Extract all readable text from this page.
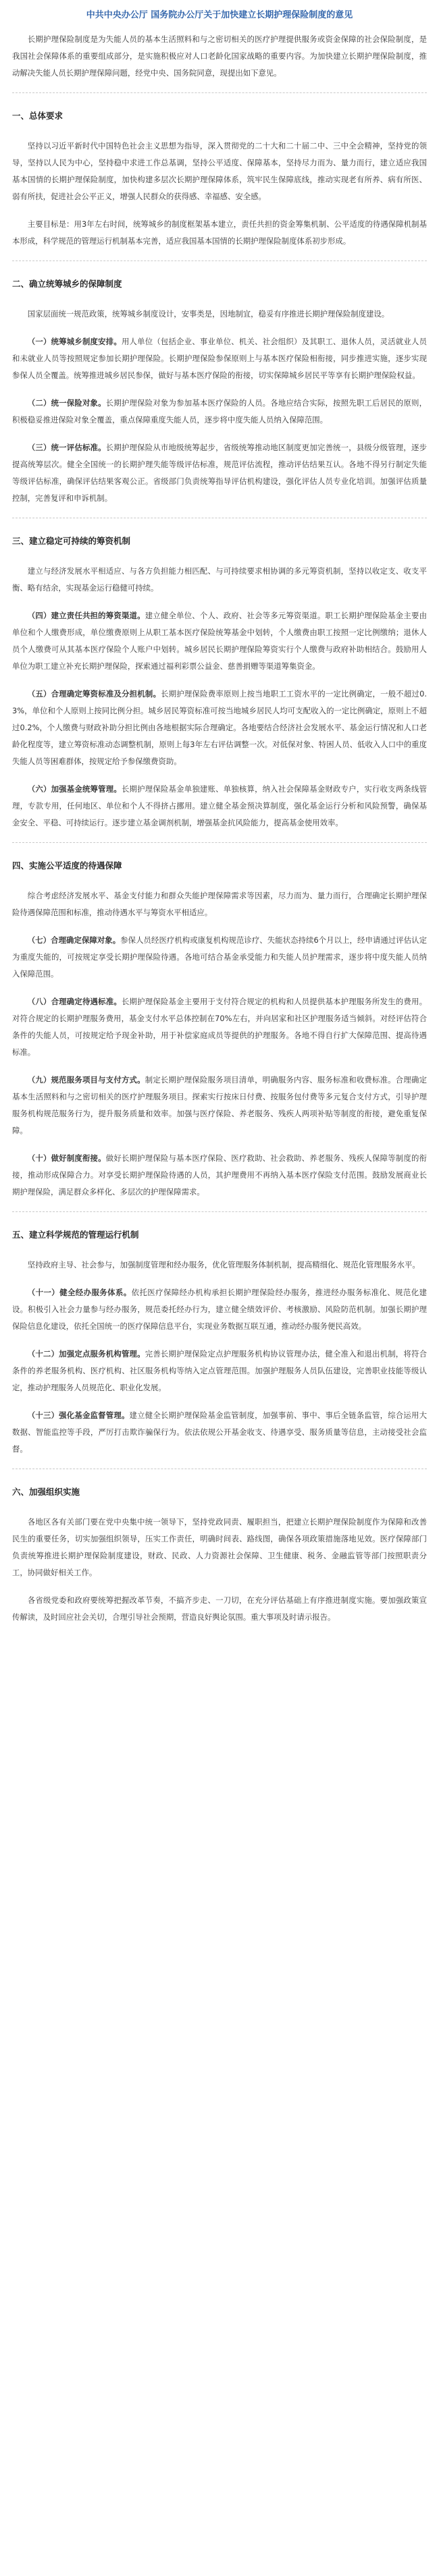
中共中央办公厅 国务院办公厅关于加快建立长期护理保险制度的意见

长期护理保险制度是为失能人员的基本生活照料和与之密切相关的医疗护理提供服务或资金保障的社会保险制度，是我国社会保障体系的重要组成部分，是实施积极应对人口老龄化国家战略的重要内容。为加快建立长期护理保险制度，推动解决失能人员长期护理保障问题，经党中央、国务院同意，现提出如下意见。

一、总体要求

坚持以习近平新时代中国特色社会主义思想为指导，深入贯彻党的二十大和二十届二中、三中全会精神，坚持党的领导，坚持以人民为中心，坚持稳中求进工作总基调，坚持公平适度、保障基本，坚持尽力而为、量力而行，建立适应我国基本国情的长期护理保险制度，加快构建多层次长期护理保障体系，筑牢民生保障底线，推动实现老有所养、病有所医、弱有所扶，促进社会公平正义，增强人民群众的获得感、幸福感、安全感。

主要目标是：用3年左右时间，统筹城乡的制度框架基本建立，责任共担的资金筹集机制、公平适度的待遇保障机制基本形成，科学规范的管理运行机制基本完善，适应我国基本国情的长期护理保险制度体系初步形成。

二、确立统筹城乡的保障制度

国家层面统一规范政策，统筹城乡制度设计，安事类是，因地制宜，稳妥有序推进长期护理保险制度建设。

（一）统筹城乡制度安排。用人单位（包括企业、事业单位、机关、社会组织）及其职工、退休人员，灵活就业人员和未就业人员等按照规定参加长期护理保险。长期护理保险参保原则上与基本医疗保险相衔接，同步推进实施，逐步实现参保人员全覆盖。统筹推进城乡居民参保，做好与基本医疗保险的衔接，切实保障城乡居民平等享有长期护理保险权益。

（二）统一保险对象。长期护理保险对象为参加基本医疗保险的人员。各地应结合实际，按照先职工后居民的原则，积极稳妥推进保险对象全覆盖，重点保障重度失能人员，逐步将中度失能人员纳入保障范围。

（三）统一评估标准。长期护理保险从市地级统筹起步，省级统筹推动地区制度更加完善统一，县级分级管理，逐步提高统筹层次。健全全国统一的长期护理失能等级评估标准，规范评估流程，推动评估结果互认。各地不得另行制定失能等级评估标准，确保评估结果客观公正。省级部门负责统筹指导评估机构建设，强化评估人员专业化培训。加强评估质量控制，完善复评和申诉机制。

三、建立稳定可持续的筹资机制

建立与经济发展水平相适应、与各方负担能力相匹配、与可持续要求相协调的多元筹资机制，坚持以收定支、收支平衡、略有结余，实现基金运行稳健可持续。

（四）建立责任共担的筹资渠道。建立健全单位、个人、政府、社会等多元筹资渠道。职工长期护理保险基金主要由单位和个人缴费形成，单位缴费原则上从职工基本医疗保险统筹基金中划转，个人缴费由职工按照一定比例缴纳；退休人员个人缴费可从其基本医疗保险个人账户中划转。城乡居民长期护理保险筹资实行个人缴费与政府补助相结合。鼓励用人单位为职工建立补充长期护理保险，探索通过福利彩票公益金、慈善捐赠等渠道筹集资金。

（五）合理确定筹资标准及分担机制。长期护理保险费率原则上按当地职工工资水平的一定比例确定，一般不超过0.3%，单位和个人原则上按同比例分担。城乡居民筹资标准可按当地城乡居民人均可支配收入的一定比例确定，原则上不超过0.2%，个人缴费与财政补助分担比例由各地根据实际合理确定。各地要结合经济社会发展水平、基金运行情况和人口老龄化程度等，建立筹资标准动态调整机制，原则上每3年左右评估调整一次。对低保对象、特困人员、低收入人口中的重度失能人员等困难群体，按规定给予参保缴费资助。

（六）加强基金统筹管理。长期护理保险基金单独建账、单独核算，纳入社会保障基金财政专户，实行收支两条线管理，专款专用，任何地区、单位和个人不得挤占挪用。建立健全基金预决算制度，强化基金运行分析和风险预警，确保基金安全、平稳、可持续运行。逐步建立基金调剂机制，增强基金抗风险能力，提高基金使用效率。

四、实施公平适度的待遇保障

综合考虑经济发展水平、基金支付能力和群众失能护理保障需求等因素，尽力而为、量力而行，合理确定长期护理保险待遇保障范围和标准，推动待遇水平与筹资水平相适应。

（七）合理确定保障对象。参保人员经医疗机构或康复机构规范诊疗、失能状态持续6个月以上，经申请通过评估认定为重度失能的，可按规定享受长期护理保险待遇。各地可结合基金承受能力和失能人员护理需求，逐步将中度失能人员纳入保障范围。

（八）合理确定待遇标准。长期护理保险基金主要用于支付符合规定的机构和人员提供基本护理服务所发生的费用。对符合规定的长期护理服务费用，基金支付水平总体控制在70%左右，并向居家和社区护理服务适当倾斜。对经评估符合条件的失能人员，可按规定给予现金补助，用于补偿家庭成员等提供的护理服务。各地不得自行扩大保障范围、提高待遇标准。

（九）规范服务项目与支付方式。制定长期护理保险服务项目清单，明确服务内容、服务标准和收费标准。合理确定基本生活照料和与之密切相关的医疗护理服务项目。探索实行按床日付费、按服务包付费等多元复合支付方式，引导护理服务机构规范服务行为，提升服务质量和效率。加强与医疗保险、养老服务、残疾人两项补贴等制度的衔接，避免重复保障。

（十）做好制度衔接。做好长期护理保险与基本医疗保险、医疗救助、社会救助、养老服务、残疾人保障等制度的衔接，推动形成保障合力。对享受长期护理保险待遇的人员，其护理费用不再纳入基本医疗保险支付范围。鼓励发展商业长期护理保险，满足群众多样化、多层次的护理保障需求。

五、建立科学规范的管理运行机制

坚持政府主导、社会参与，加强制度管理和经办服务，优化管理服务体制机制，提高精细化、规范化管理服务水平。

（十一）健全经办服务体系。依托医疗保障经办机构承担长期护理保险经办服务，推进经办服务标准化、规范化建设。积极引入社会力量参与经办服务，规范委托经办行为，建立健全绩效评价、考核激励、风险防范机制。加强长期护理保险信息化建设，依托全国统一的医疗保障信息平台，实现业务数据互联互通，推动经办服务便民高效。

（十二）加强定点服务机构管理。完善长期护理保险定点护理服务机构协议管理办法，健全准入和退出机制，将符合条件的养老服务机构、医疗机构、社区服务机构等纳入定点管理范围。加强护理服务人员队伍建设，完善职业技能等级认定，推动护理服务人员规范化、职业化发展。

（十三）强化基金监督管理。建立健全长期护理保险基金监管制度，加强事前、事中、事后全链条监管，综合运用大数据、智能监控等手段，严厉打击欺诈骗保行为。依法依规公开基金收支、待遇享受、服务质量等信息，主动接受社会监督。

六、加强组织实施

各地区各有关部门要在党中央集中统一领导下，坚持党政同责、履职担当，把建立长期护理保险制度作为保障和改善民生的重要任务，切实加强组织领导，压实工作责任，明确时间表、路线图，确保各项政策措施落地见效。医疗保障部门负责统筹推进长期护理保险制度建设，财政、民政、人力资源社会保障、卫生健康、税务、金融监管等部门按照职责分工，协同做好相关工作。

各省级党委和政府要统筹把握改革节奏，不搞齐步走、一刀切，在充分评估基础上有序推进制度实施。要加强政策宣传解读，及时回应社会关切，合理引导社会预期，营造良好舆论氛围。重大事项及时请示报告。
